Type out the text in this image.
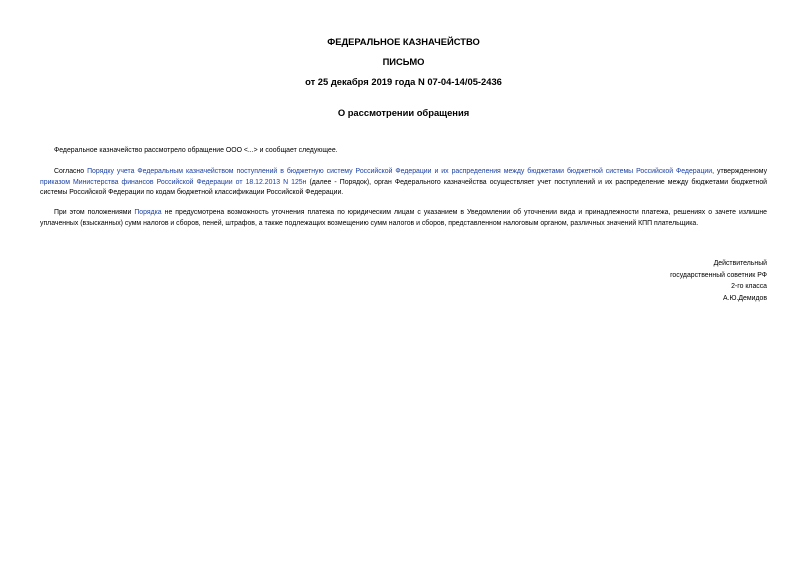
ФЕДЕРАЛЬНОЕ КАЗНАЧЕЙСТВО
ПИСЬМО
от 25 декабря 2019 года N 07-04-14/05-2436
О рассмотрении обращения
Федеральное казначейство рассмотрело обращение ООО <...> и сообщает следующее.
Согласно Порядку учета Федеральным казначейством поступлений в бюджетную систему Российской Федерации и их распределения между бюджетами бюджетной системы Российской Федерации, утвержденному приказом Министерства финансов Российской Федерации от 18.12.2013 N 125н (далее - Порядок), орган Федерального казначейства осуществляет учет поступлений и их распределение между бюджетами бюджетной системы Российской Федерации по кодам бюджетной классификации Российской Федерации.
При этом положениями Порядка не предусмотрена возможность уточнения платежа по юридическим лицам с указанием в Уведомлении об уточнении вида и принадлежности платежа, решениях о зачете излишне уплаченных (взысканных) сумм налогов и сборов, пеней, штрафов, а также подлежащих возмещению сумм налогов и сборов, представленном налоговым органом, различных значений КПП плательщика.
Действительный
государственный советник РФ
2-го класса
А.Ю.Демидов
